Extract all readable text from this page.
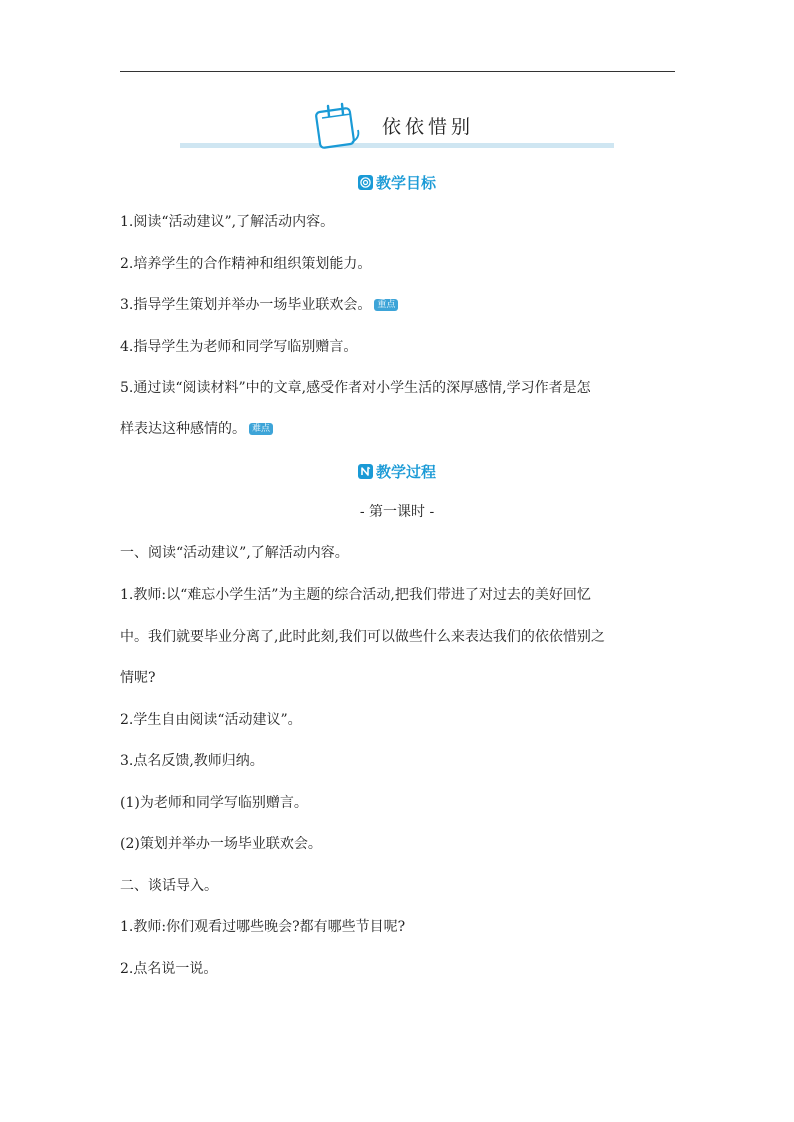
依依惜别
教学目标
1.阅读“活动建议”,了解活动内容。
2.培养学生的合作精神和组织策划能力。
3.指导学生策划并举办一场毕业联欢会。 重点
4.指导学生为老师和同学写临别赠言。
5.通过读“阅读材料”中的文章,感受作者对小学生活的深厚感情,学习作者是怎
样表达这种感情的。 难点
教学过程
- 第一课时 -
一、阅读“活动建议”,了解活动内容。
1.教师:以“难忘小学生活”为主题的综合活动,把我们带进了对过去的美好回忆
中。我们就要毕业分离了,此时此刻,我们可以做些什么来表达我们的依依惜别之
情呢?
2.学生自由阅读“活动建议”。
3.点名反馈,教师归纳。
(1)为老师和同学写临别赠言。
(2)策划并举办一场毕业联欢会。
二、谈话导入。
1.教师:你们观看过哪些晚会?都有哪些节目呢?
2.点名说一说。
